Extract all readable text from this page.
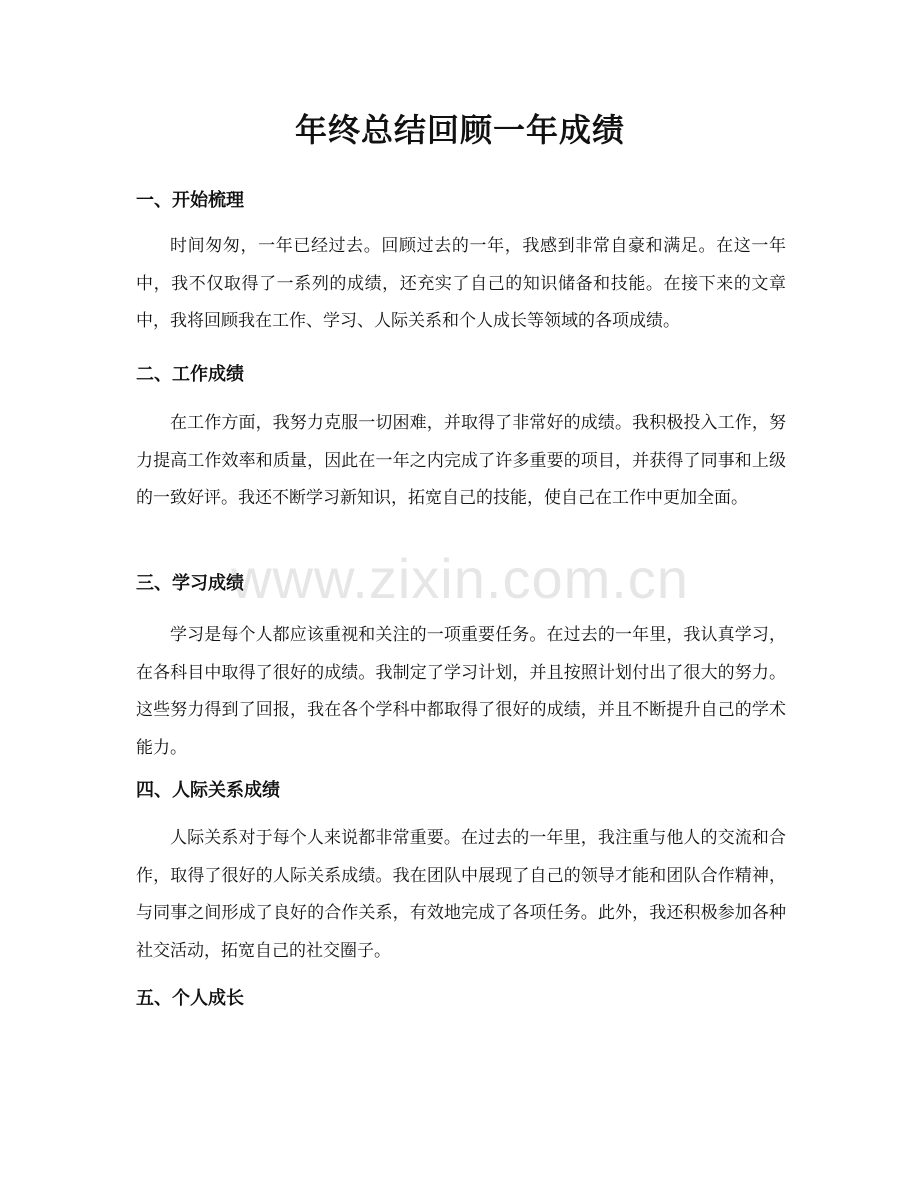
年终总结回顾一年成绩
一、开始梳理
时间匆匆，一年已经过去。回顾过去的一年，我感到非常自豪和满足。在这一年中，我不仅取得了一系列的成绩，还充实了自己的知识储备和技能。在接下来的文章中，我将回顾我在工作、学习、人际关系和个人成长等领域的各项成绩。
二、工作成绩
在工作方面，我努力克服一切困难，并取得了非常好的成绩。我积极投入工作，努力提高工作效率和质量，因此在一年之内完成了许多重要的项目，并获得了同事和上级的一致好评。我还不断学习新知识，拓宽自己的技能，使自己在工作中更加全面。
三、学习成绩
学习是每个人都应该重视和关注的一项重要任务。在过去的一年里，我认真学习，在各科目中取得了很好的成绩。我制定了学习计划，并且按照计划付出了很大的努力。这些努力得到了回报，我在各个学科中都取得了很好的成绩，并且不断提升自己的学术能力。
四、人际关系成绩
人际关系对于每个人来说都非常重要。在过去的一年里，我注重与他人的交流和合作，取得了很好的人际关系成绩。我在团队中展现了自己的领导才能和团队合作精神，与同事之间形成了良好的合作关系，有效地完成了各项任务。此外，我还积极参加各种社交活动，拓宽自己的社交圈子。
五、个人成长
www.zixin.com.cn
